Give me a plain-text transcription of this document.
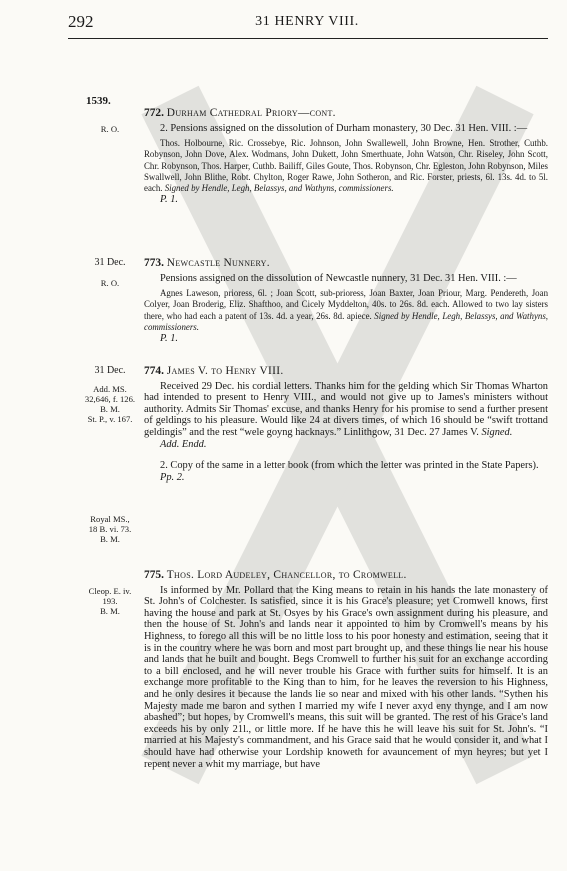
292	31 HENRY VIII.
1539.
R. O.
772. Durham Cathedral Priory—cont.

2. Pensions assigned on the dissolution of Durham monastery, 30 Dec. 31 Hen. VIII. :—

Thos. Holbourne, Ric. Crossebye, Ric. Johnson, John Swallewell, John Browne, Hen. Strother, Cuthb. Robynson, John Dove, Alex. Wodmans, John Dukett, John Smerthuate, John Watson, Chr. Riseley, John Scott, Chr. Robynson, Thos. Harper, Cuthb. Bailiff, Giles Goute, Thos. Robynson, Chr. Egleston, John Robynson, Miles Swallwell, John Blithe, Robt. Chylton, Roger Rawe, John Sotheron, and Ric. Forster, priests, 6l. 13s. 4d. to 5l. each. Signed by Hendle, Legh, Belassys, and Wathyns, commissioners.

P. 1.
31 Dec.
R. O.
773. Newcastle Nunnery.

Pensions assigned on the dissolution of Newcastle nunnery, 31 Dec. 31 Hen. VIII. :—

Agnes Laweson, prioress, 6l. ; Joan Scott, sub-prioress, Joan Baxter, Joan Priour, Marg. Pendereth, Joan Colyer, Joan Broderig, Eliz. Shafthoo, and Cicely Myddelton, 40s. to 26s. 8d. each. Allowed to two lay sisters there, who had each a patent of 13s. 4d. a year, 26s. 8d. apiece. Signed by Hendle, Legh, Belassys, and Wathyns, commissioners.

P. 1.
31 Dec.
Add. MS.
32,646, f. 126.
B. M.
St. P., v. 167.
774. James V. to Henry VIII.

Received 29 Dec. his cordial letters. Thanks him for the gelding which Sir Thomas Wharton had intended to present to Henry VIII., and would not give up to James's ministers without authority. Admits Sir Thomas' excuse, and thanks Henry for his promise to send a further present of geldings to his pleasure. Would like 24 at divers times, of which 16 should be “swift trottand geldingis” and the rest “wele goyng hacknays.” Linlithgow, 31 Dec. 27 James V. Signed.

Add. Endd.

2. Copy of the same in a letter book (from which the letter was printed in the State Papers).

Pp. 2.
Royal MS.,
18 B. vi. 73.
B. M.
Cleop. E. iv.
193.
B. M.
775. Thos. Lord Audeley, Chancellor, to Cromwell.

Is informed by Mr. Pollard that the King means to retain in his hands the late monastery of St. John's of Colchester. Is satisfied, since it is his Grace's pleasure; yet Cromwell knows, first having the house and park at St. Osyes by his Grace's own assignment during his pleasure, and then the house of St. John's and lands near it appointed to him by Cromwell's means by his Highness, to forego all this will be no little loss to his poor honesty and estimation, seeing that it is in the country where he was born and most part brought up, and these things lie near his house and lands that he built and bought. Begs Cromwell to further his suit for an exchange according to a bill enclosed, and he will never trouble his Grace with further suits for himself. It is an exchange more profitable to the King than to him, for he leaves the reversion to his Highness, and he only desires it because the lands lie so near and mixed with his other lands. “Sythen his Majesty made me baron and sythen I married my wife I never axyd eny thynge, and I am now abashed”; but hopes, by Cromwell's means, this suit will be granted. The rest of his Grace's land exceeds his by only 21l., or little more. If he have this he will leave his suit for St. John's. “I married at his Majesty's commandment, and his Grace said that he would consider it, and what I should have had otherwise your Lordship knoweth for avauncement of myn heyres; but yet I repent never a whit my marriage, but have
